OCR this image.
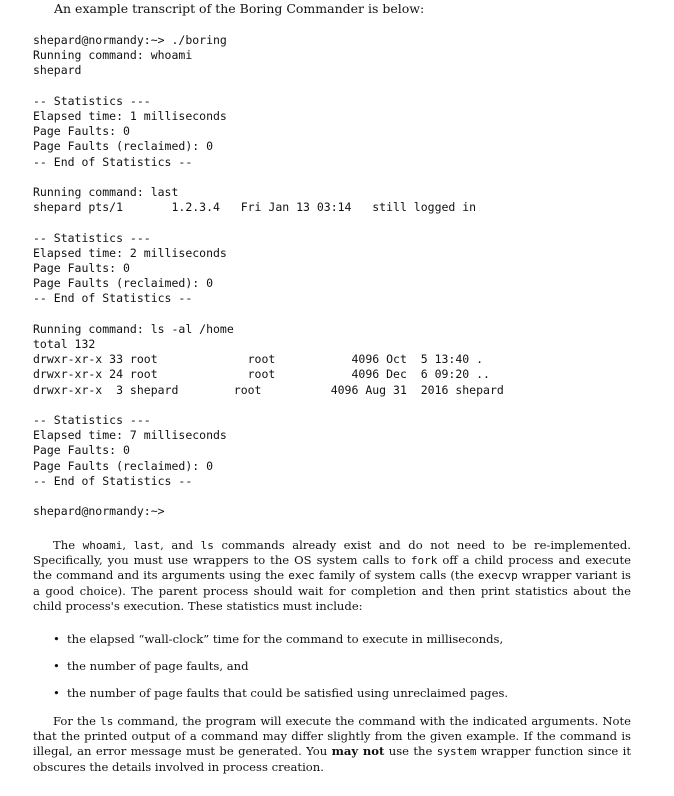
An example transcript of the Boring Commander is below:
shepard@normandy:~> ./boring
Running command: whoami
shepard

-- Statistics ---
Elapsed time: 1 milliseconds
Page Faults: 0
Page Faults (reclaimed): 0
-- End of Statistics --

Running command: last
shepard pts/1       1.2.3.4   Fri Jan 13 03:14   still logged in

-- Statistics ---
Elapsed time: 2 milliseconds
Page Faults: 0
Page Faults (reclaimed): 0
-- End of Statistics --

Running command: ls -al /home
total 132
drwxr-xr-x 33 root             root           4096 Oct  5 13:40 .
drwxr-xr-x 24 root             root           4096 Dec  6 09:20 ..
drwxr-xr-x  3 shepard        root          4096 Aug 31  2016 shepard

-- Statistics ---
Elapsed time: 7 milliseconds
Page Faults: 0
Page Faults (reclaimed): 0
-- End of Statistics --

shepard@normandy:~>

The whoami, last, and ls commands already exist and do not need to be re-implemented. Specifically, you must use wrappers to the OS system calls to fork off a child process and execute the command and its arguments using the exec family of system calls (the execvp wrapper variant is a good choice). The parent process should wait for completion and then print statistics about the child process's execution. These statistics must include:

• the elapsed “wall-clock” time for the command to execute in milliseconds,
• the number of page faults, and
• the number of page faults that could be satisfied using unreclaimed pages.

For the ls command, the program will execute the command with the indicated arguments. Note that the printed output of a command may differ slightly from the given example. If the command is illegal, an error message must be generated. You may not use the system wrapper function since it obscures the details involved in process creation.
